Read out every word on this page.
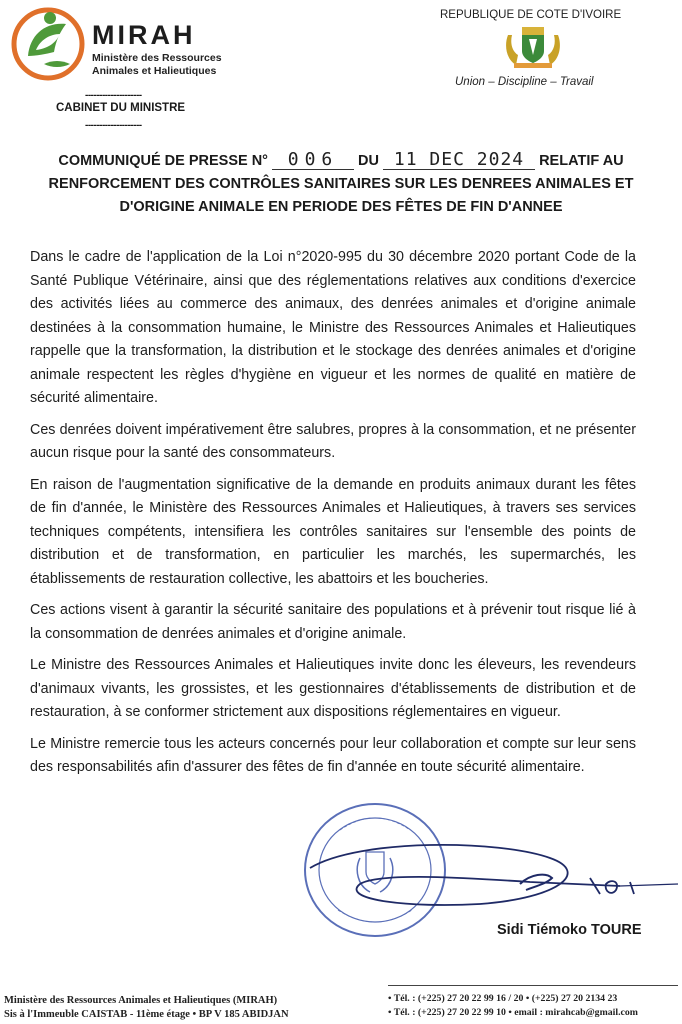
MIRAH
Ministère des Ressources
Animales et Halieutiques
--------------------
CABINET DU MINISTRE
--------------------
REPUBLIQUE DE COTE D'IVOIRE
Union – Discipline – Travail
COMMUNIQUÉ DE PRESSE N° 006 DU 11 DEC 2024 RELATIF AU
RENFORCEMENT DES CONTRÔLES SANITAIRES SUR LES DENREES ANIMALES ET
D'ORIGINE ANIMALE EN PERIODE DES FÊTES DE FIN D'ANNEE

Dans le cadre de l'application de la Loi n°2020-995 du 30 décembre 2020 portant Code de la Santé Publique Vétérinaire, ainsi que des réglementations relatives aux conditions d'exercice des activités liées au commerce des animaux, des denrées animales et d'origine animale destinées à la consommation humaine, le Ministre des Ressources Animales et Halieutiques rappelle que la transformation, la distribution et le stockage des denrées animales et d'origine animale respectent les règles d'hygiène en vigueur et les normes de qualité en matière de sécurité alimentaire.

Ces denrées doivent impérativement être salubres, propres à la consommation, et ne présenter aucun risque pour la santé des consommateurs.

En raison de l'augmentation significative de la demande en produits animaux durant les fêtes de fin d'année, le Ministère des Ressources Animales et Halieutiques, à travers ses services techniques compétents, intensifiera les contrôles sanitaires sur l'ensemble des points de distribution et de transformation, en particulier les marchés, les supermarchés, les établissements de restauration collective, les abattoirs et les boucheries.

Ces actions visent à garantir la sécurité sanitaire des populations et à prévenir tout risque lié à la consommation de denrées animales et d'origine animale.

Le Ministre des Ressources Animales et Halieutiques invite donc les éleveurs, les revendeurs d'animaux vivants, les grossistes, et les gestionnaires d'établissements de distribution et de restauration, à se conformer strictement aux dispositions réglementaires en vigueur.

Le Ministre remercie tous les acteurs concernés pour leur collaboration et compte sur leur sens des responsabilités afin d'assurer des fêtes de fin d'année en toute sécurité alimentaire.

Sidi Tiémoko TOURE
Ministère des Ressources Animales et Halieutiques (MIRAH)
Sis à l'Immeuble CAISTAB - 11ème étage • BP V 185 ABIDJAN
• Tél. : (+225) 27 20 22 99 16 / 20 • (+225) 27 20 2134 23
• Tél. : (+225) 27 20 22 99 10 • email : mirahcab@gmail.com
